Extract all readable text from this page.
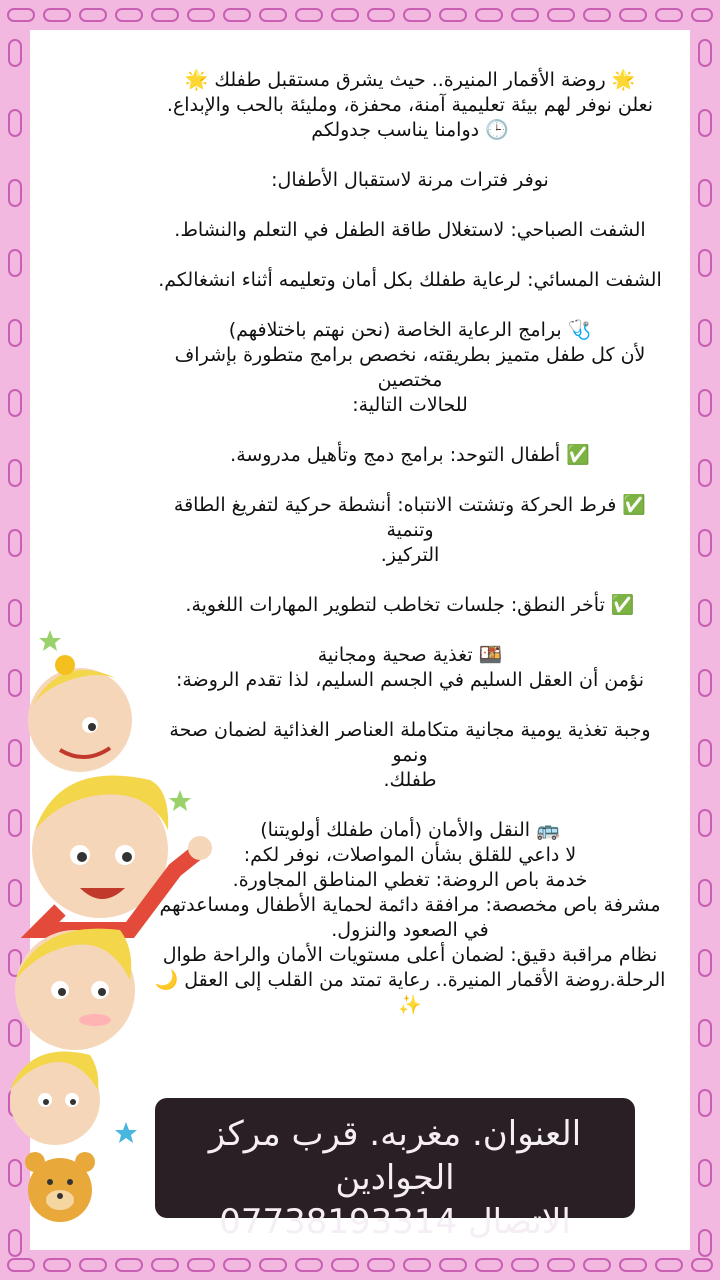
🌟 روضة الأقمار المنيرة.. حيث يشرق مستقبل طفلك 🌟

نعلن نوفر لهم بيئة تعليمية آمنة، محفزة، ومليئة بالحب والإبداع.

🕒 دوامنا يناسب جدولكم

نوفر فترات مرنة لاستقبال الأطفال:

الشفت الصباحي: لاستغلال طاقة الطفل في التعلم والنشاط.

الشفت المسائي: لرعاية طفلك بكل أمان وتعليمه أثناء انشغالكم.

🩺 برامج الرعاية الخاصة (نحن نهتم باختلافهم)

لأن كل طفل متميز بطريقته، نخصص برامج متطورة بإشراف مختصين

للحالات التالية:

✅ أطفال التوحد: برامج دمج وتأهيل مدروسة.

✅ فرط الحركة وتشتت الانتباه: أنشطة حركية لتفريغ الطاقة وتنمية

التركيز.

✅ تأخر النطق: جلسات تخاطب لتطوير المهارات اللغوية.

🍱 تغذية صحية ومجانية

نؤمن أن العقل السليم في الجسم السليم، لذا تقدم الروضة:

وجبة تغذية يومية مجانية متكاملة العناصر الغذائية لضمان صحة ونمو

طفلك.

🚌 النقل والأمان (أمان طفلك أولويتنا)

لا داعي للقلق بشأن المواصلات، نوفر لكم:

خدمة باص الروضة: تغطي المناطق المجاورة.

مشرفة باص مخصصة: مرافقة دائمة لحماية الأطفال ومساعدتهم

في الصعود والنزول.

نظام مراقبة دقيق: لضمان أعلى مستويات الأمان والراحة طوال

الرحلة.روضة الأقمار المنيرة.. رعاية تمتد من القلب إلى العقل 🌙

✨

العنوان. مغربه. قرب مركز الجوادين
الاتصال 07738193314
